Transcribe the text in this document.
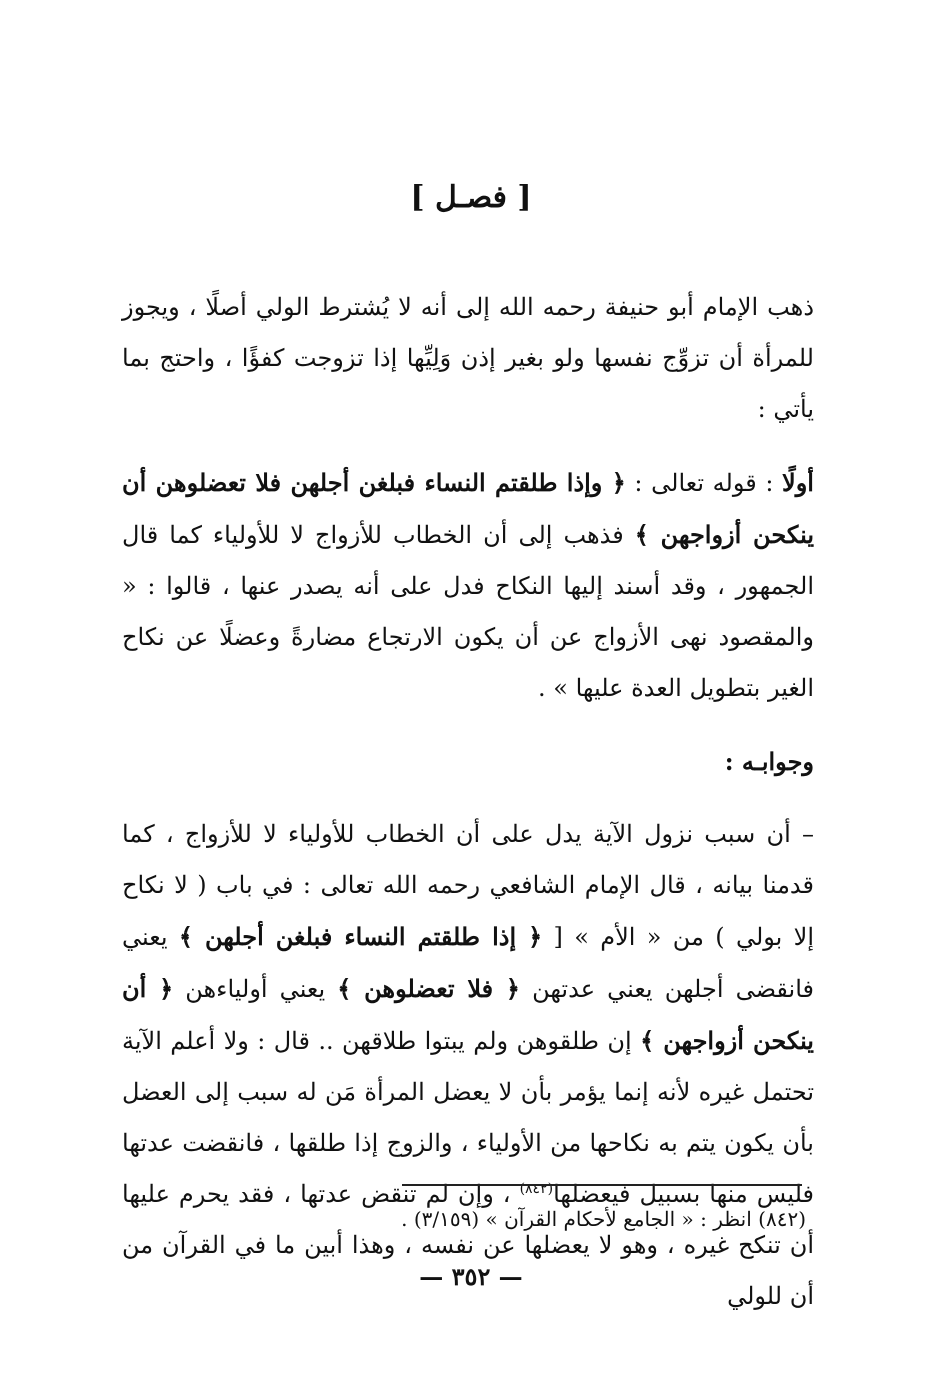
[ فصـل ]

ذهب الإمام أبو حنيفة رحمه الله إلى أنه لا يُشترط الولي أصلًا ، ويجوز للمرأة أن تزوِّج نفسها ولو بغير إذن وَلِيِّها إذا تزوجت كفؤًا ، واحتج بما يأتي :

أولًا : قوله تعالى : ﴿ وإذا طلقتم النساء فبلغن أجلهن فلا تعضلوهن أن ينكحن أزواجهن ﴾ فذهب إلى أن الخطاب للأزواج لا للأولياء كما قال الجمهور ، وقد أسند إليها النكاح فدل على أنه يصدر عنها ، قالوا : « والمقصود نهى الأزواج عن أن يكون الارتجاع مضارةً وعضلًا عن نكاح الغير بتطويل العدة عليها » .

وجوابـه :

– أن سبب نزول الآية يدل على أن الخطاب للأولياء لا للأزواج ، كما قدمنا بيانه ، قال الإمام الشافعي رحمه الله تعالى : في باب ( لا نكاح إلا بولي ) من « الأم » [ ﴿ إذا طلقتم النساء فبلغن أجلهن ﴾ يعني فانقضى أجلهن يعني عدتهن ﴿ فلا تعضلوهن ﴾ يعني أولياءهن ﴿ أن ينكحن أزواجهن ﴾ إن طلقوهن ولم يبتوا طلاقهن .. قال : ولا أعلم الآية تحتمل غيره لأنه إنما يؤمر بأن لا يعضل المرأة مَن له سبب إلى العضل بأن يكون يتم به نكاحها من الأولياء ، والزوج إذا طلقها ، فانقضت عدتها فليس منها بسبيل فيعضلها$^{(٨٤٢)}$ ، وإن لم تنقض عدتها ، فقد يحرم عليها أن تنكح غيره ، وهو لا يعضلها عن نفسه ، وهذا أبين ما في القرآن من أن للولي

(٨٤٢) انظر : « الجامع لأحكام القرآن » (٣/١٥٩) .
— ٣٥٢ —
